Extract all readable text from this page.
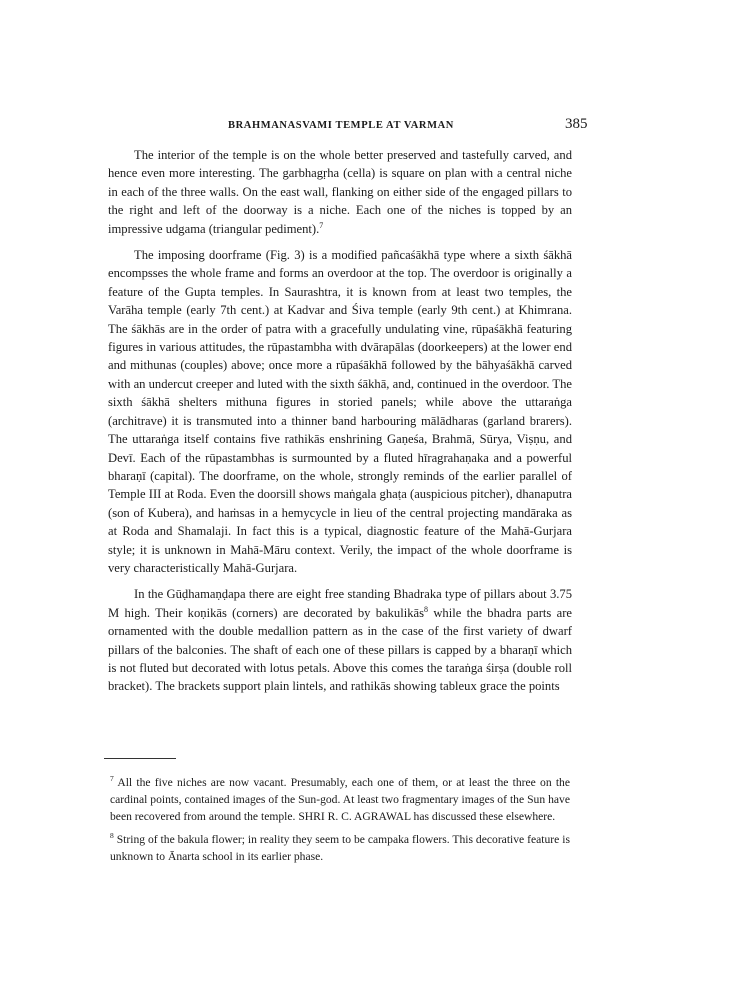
BRAHMANASVAMI TEMPLE AT VARMAN	385

The interior of the temple is on the whole better preserved and tastefully carved, and hence even more interesting. The garbhagṛha (cella) is square on plan with a central niche in each of the three walls. On the east wall, flanking on either side of the engaged pillars to the right and left of the doorway is a niche. Each one of the niches is topped by an impressive udgama (triangular pediment).$^7$

The imposing doorframe (Fig. 3) is a modified pañcaśākhā type where a sixth śākhā encompsses the whole frame and forms an overdoor at the top. The overdoor is originally a feature of the Gupta temples. In Saurashtra, it is known from at least two temples, the Varāha temple (early 7th cent.) at Kadvar and Śiva temple (early 9th cent.) at Khimrana. The śākhās are in the order of patra with a gracefully undulating vine, rūpaśākhā featuring figures in various attitudes, the rūpastambha with dvārapālas (doorkeepers) at the lower end and mithunas (couples) above; once more a rūpaśākhā followed by the bāhyaśākhā carved with an undercut creeper and luted with the sixth śākhā, and, continued in the overdoor. The sixth śākhā shelters mithuna figures in storied panels; while above the uttaraṅga (architrave) it is transmuted into a thinner band harbouring mālādharas (garland brarers). The uttaraṅga itself contains five rathikās enshrining Gaṇeśa, Brahmā, Sūrya, Viṣṇu, and Devī. Each of the rūpastambhas is surmounted by a fluted hīragrahaṇaka and a powerful bharaṇī (capital). The doorframe, on the whole, strongly reminds of the earlier parallel of Temple III at Roda. Even the doorsill shows maṅgala ghaṭa (auspicious pitcher), dhanaputra (son of Kubera), and haṁsas in a hemycycle in lieu of the central projecting mandāraka as at Roda and Shamalaji. In fact this is a typical, diagnostic feature of the Mahā-Gurjara style; it is unknown in Mahā-Māru context. Verily, the impact of the whole doorframe is very characteristically Mahā-Gurjara.

In the Gūḍhamaṇḍapa there are eight free standing Bhadraka type of pillars about 3.75 M high. Their koṇikās (corners) are decorated by bakulikās$^8$ while the bhadra parts are ornamented with the double medallion pattern as in the case of the first variety of dwarf pillars of the balconies. The shaft of each one of these pillars is capped by a bharaṇī which is not fluted but decorated with lotus petals. Above this comes the taraṅga śirṣa (double roll bracket). The brackets support plain lintels, and rathikās showing tableux grace the points

$^7$ All the five niches are now vacant. Presumably, each one of them, or at least the three on the cardinal points, contained images of the Sun-god. At least two fragmentary images of the Sun have been recovered from around the temple. SHRI R. C. AGRAWAL has discussed these elsewhere.

$^8$ String of the bakula flower; in reality they seem to be campaka flowers. This decorative feature is unknown to Ānarta school in its earlier phase.
